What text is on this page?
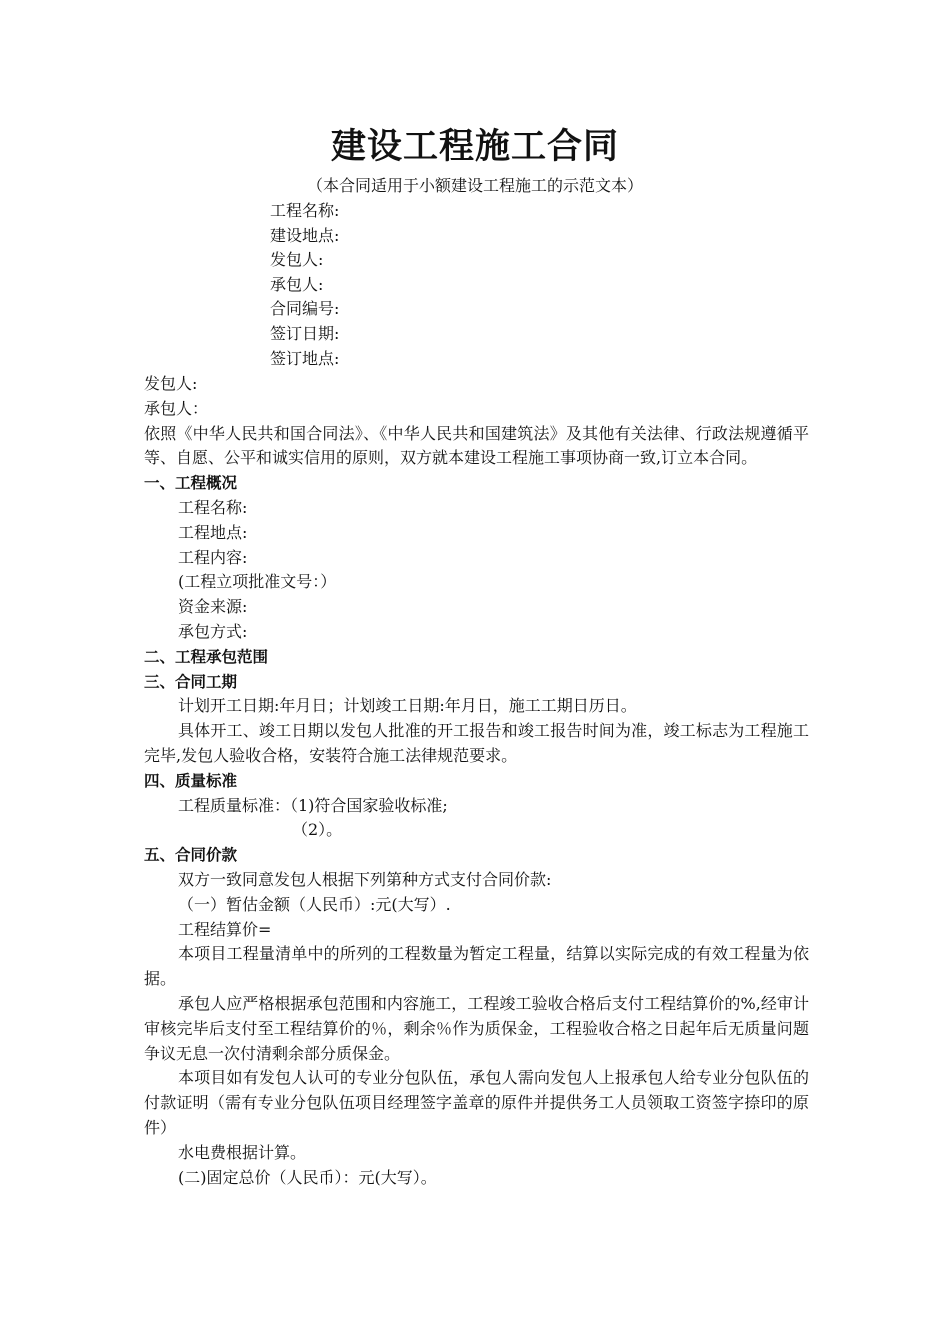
建设工程施工合同
（本合同适用于小额建设工程施工的示范文本）
工程名称:
建设地点:
发包人:
承包人:
合同编号:
签订日期:
签订地点:

发包人:

承包人：

依照《中华人民共和国合同法》、《中华人民共和国建筑法》及其他有关法律、行政法规遵循平等、自愿、公平和诚实信用的原则，双方就本建设工程施工事项协商一致,订立本合同。

一、工程概况

工程名称:

工程地点:

工程内容:

(工程立项批准文号：）

资金来源:

承包方式:

二、工程承包范围

三、合同工期

计划开工日期:年月日；计划竣工日期:年月日，施工工期日历日。

具体开工、竣工日期以发包人批准的开工报告和竣工报告时间为准，竣工标志为工程施工完毕,发包人验收合格，安装符合施工法律规范要求。

四、质量标准

工程质量标准：（1)符合国家验收标准;

（2）。

五、合同价款

双方一致同意发包人根据下列第种方式支付合同价款:

（一）暂估金额（人民币）:元(大写）.

工程结算价=

本项目工程量清单中的所列的工程数量为暂定工程量，结算以实际完成的有效工程量为依据。

承包人应严格根据承包范围和内容施工，工程竣工验收合格后支付工程结算价的%,经审计审核完毕后支付至工程结算价的％，剩余％作为质保金，工程验收合格之日起年后无质量问题争议无息一次付清剩余部分质保金。

本项目如有发包人认可的专业分包队伍，承包人需向发包人上报承包人给专业分包队伍的付款证明（需有专业分包队伍项目经理签字盖章的原件并提供务工人员领取工资签字捺印的原件）

水电费根据计算。

(二)固定总价（人民币）：元(大写）。
